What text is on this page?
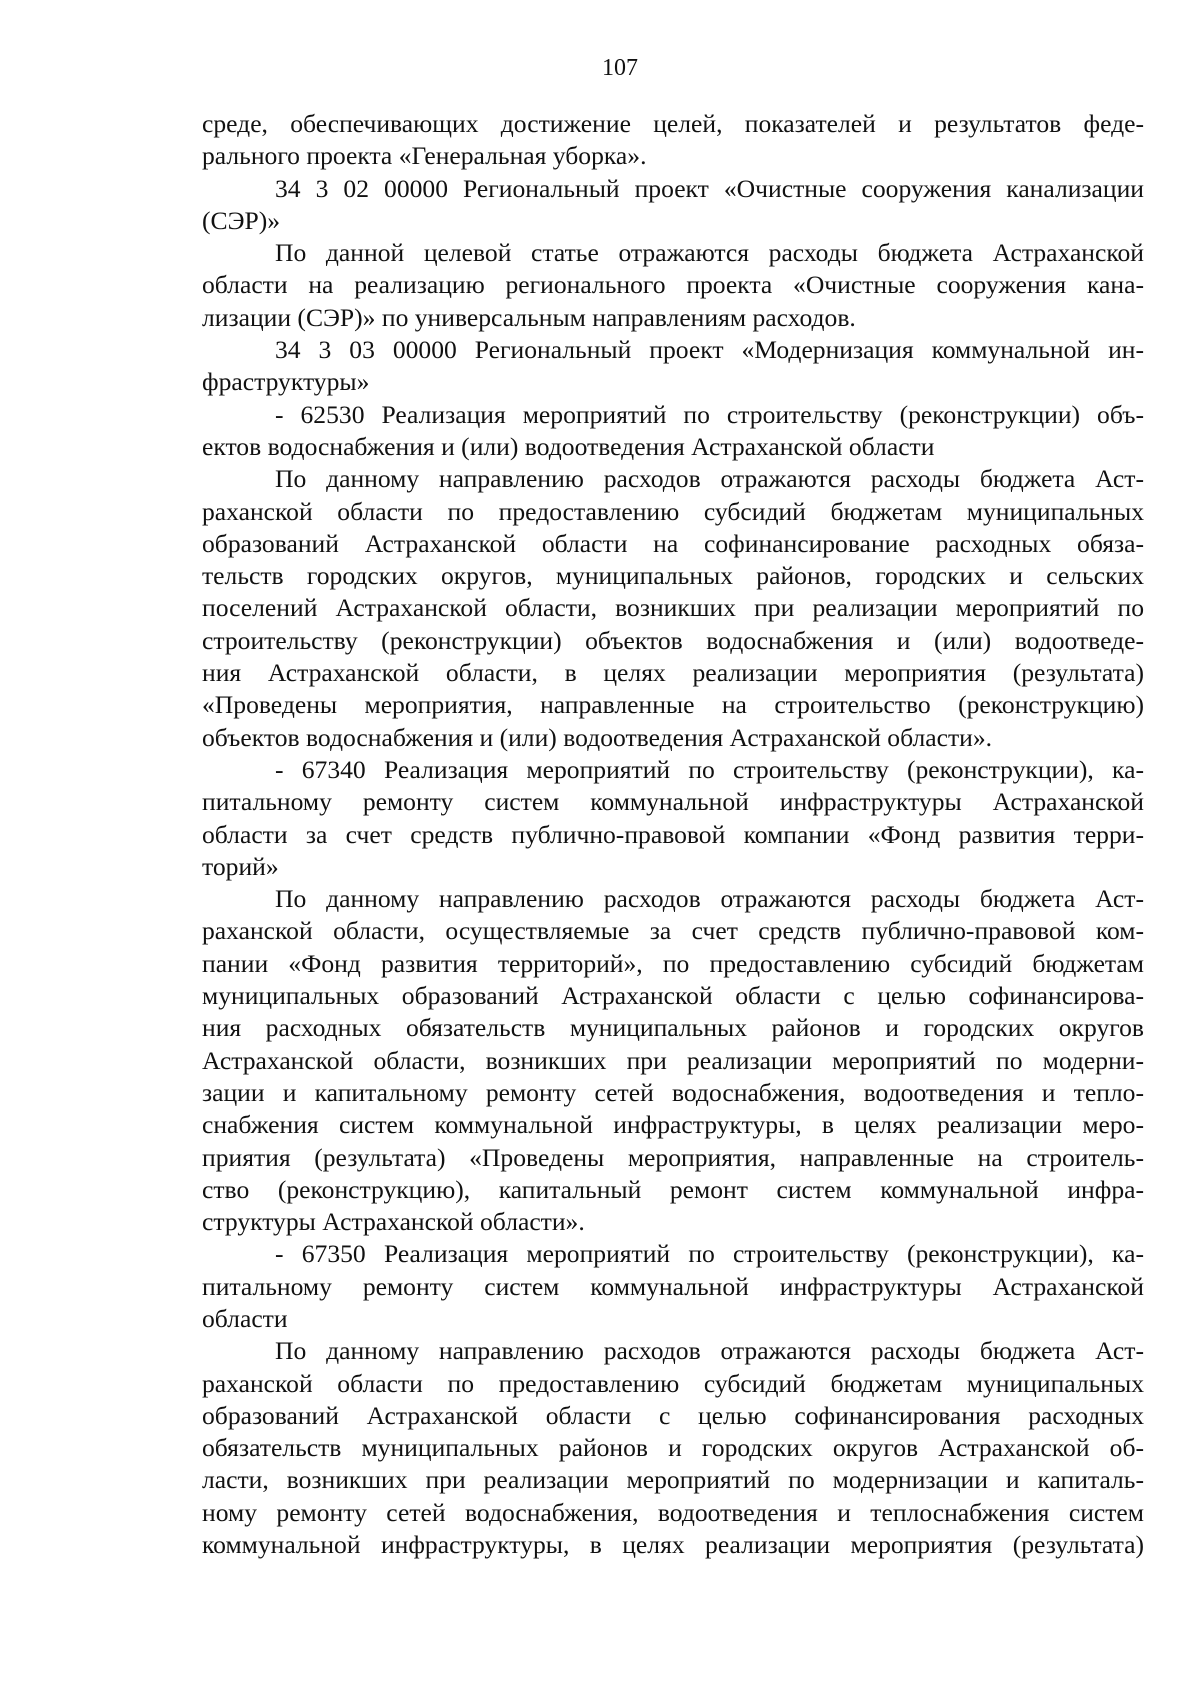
107

среде, обеспечивающих достижение целей, показателей и результатов феде-
рального проекта «Генеральная уборка».

34 3 02 00000 Региональный проект «Очистные сооружения канализации
(СЭР)»

По данной целевой статье отражаются расходы бюджета Астраханской
области на реализацию регионального проекта «Очистные сооружения кана-
лизации (СЭР)» по универсальным направлениям расходов.

34 3 03 00000 Региональный проект «Модернизация коммунальной ин-
фраструктуры»

- 62530 Реализация мероприятий по строительству (реконструкции) объ-
ектов водоснабжения и (или) водоотведения Астраханской области

По данному направлению расходов отражаются расходы бюджета Аст-
раханской области по предоставлению субсидий бюджетам муниципальных
образований Астраханской области на софинансирование расходных обяза-
тельств городских округов, муниципальных районов, городских и сельских
поселений Астраханской области, возникших при реализации мероприятий по
строительству (реконструкции) объектов водоснабжения и (или) водоотведе-
ния Астраханской области, в целях реализации мероприятия (результата)
«Проведены мероприятия, направленные на строительство (реконструкцию)
объектов водоснабжения и (или) водоотведения Астраханской области».

- 67340 Реализация мероприятий по строительству (реконструкции), ка-
питальному ремонту систем коммунальной инфраструктуры Астраханской
области за счет средств публично-правовой компании «Фонд развития терри-
торий»

По данному направлению расходов отражаются расходы бюджета Аст-
раханской области, осуществляемые за счет средств публично-правовой ком-
пании «Фонд развития территорий», по предоставлению субсидий бюджетам
муниципальных образований Астраханской области с целью софинансирова-
ния расходных обязательств муниципальных районов и городских округов
Астраханской области, возникших при реализации мероприятий по модерни-
зации и капитальному ремонту сетей водоснабжения, водоотведения и тепло-
снабжения систем коммунальной инфраструктуры, в целях реализации меро-
приятия (результата) «Проведены мероприятия, направленные на строитель-
ство (реконструкцию), капитальный ремонт систем коммунальной инфра-
структуры Астраханской области».

- 67350 Реализация мероприятий по строительству (реконструкции), ка-
питальному ремонту систем коммунальной инфраструктуры Астраханской
области

По данному направлению расходов отражаются расходы бюджета Аст-
раханской области по предоставлению субсидий бюджетам муниципальных
образований Астраханской области с целью софинансирования расходных
обязательств муниципальных районов и городских округов Астраханской об-
ласти, возникших при реализации мероприятий по модернизации и капиталь-
ному ремонту сетей водоснабжения, водоотведения и теплоснабжения систем
коммунальной инфраструктуры, в целях реализации мероприятия (результата)
